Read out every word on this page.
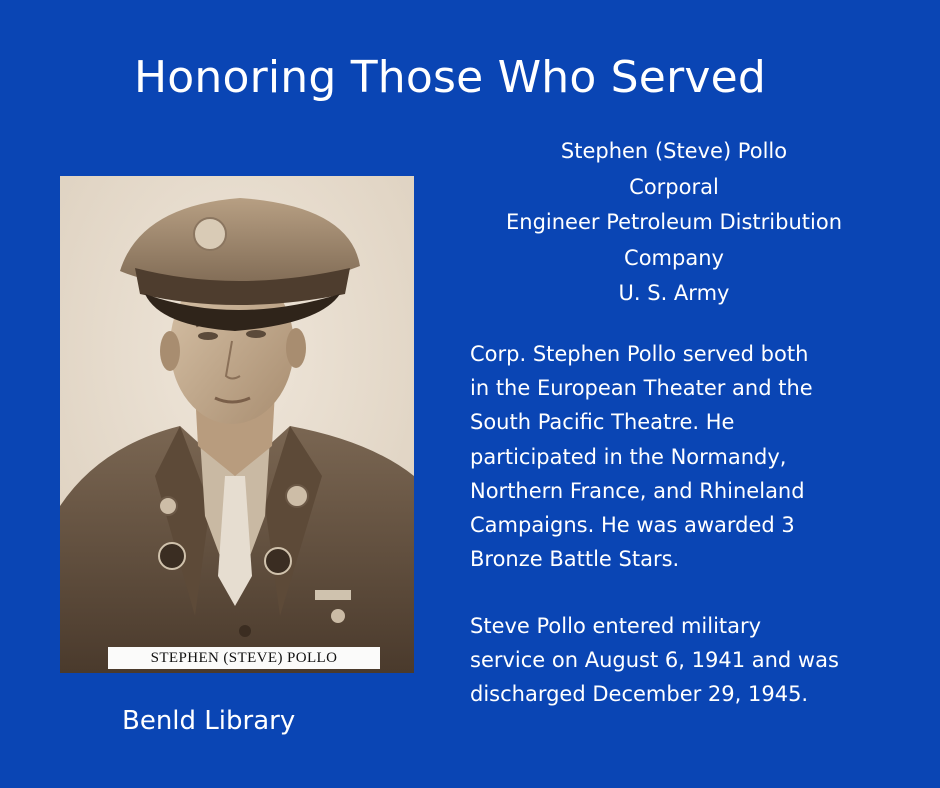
Honoring Those Who Served
STEPHEN (STEVE) POLLO
Stephen (Steve) Pollo
Corporal
Engineer Petroleum Distribution
Company
U. S. Army
Corp. Stephen Pollo served both
in the European Theater and the
South Pacific Theatre. He
participated in the Normandy,
Northern France, and Rhineland
Campaigns. He was awarded 3
Bronze Battle Stars.
Steve Pollo entered military
service on August 6, 1941 and was
discharged December 29, 1945.
Benld Library
